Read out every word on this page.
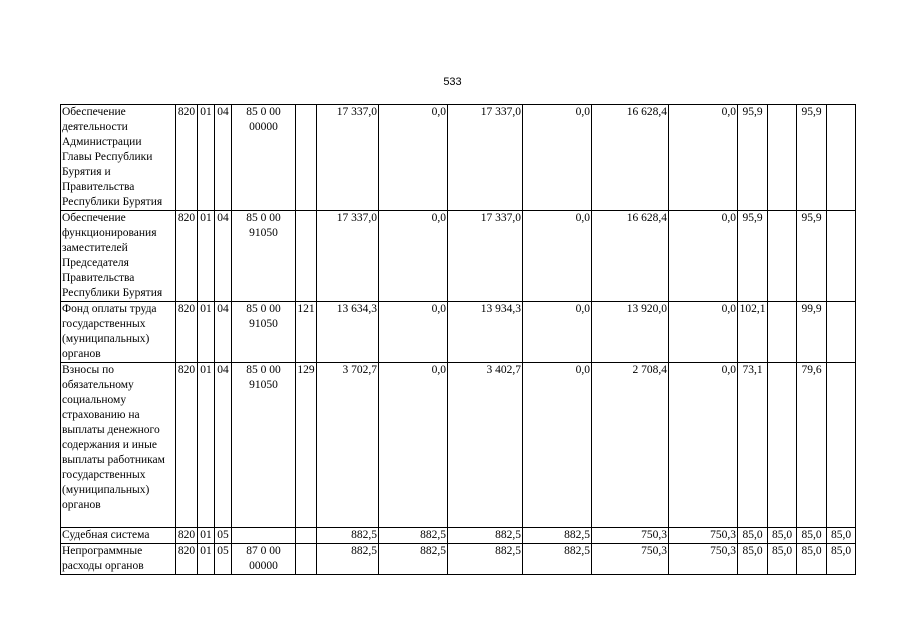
533
Обеспечение деятельности Администрации Главы Республики Бурятия и Правительства Республики Бурятия	820	01	04	85 0 00 00000		17 337,0	0,0	17 337,0	0,0	16 628,4	0,0	95,9		95,9	
Обеспечение функционирования заместителей Председателя Правительства Республики Бурятия	820	01	04	85 0 00 91050		17 337,0	0,0	17 337,0	0,0	16 628,4	0,0	95,9		95,9	
Фонд оплаты труда государственных (муниципальных) органов	820	01	04	85 0 00 91050	121	13 634,3	0,0	13 934,3	0,0	13 920,0	0,0	102,1		99,9	
Взносы по обязательному социальному страхованию на выплаты денежного содержания и иные выплаты работникам государственных (муниципальных) органов	820	01	04	85 0 00 91050	129	3 702,7	0,0	3 402,7	0,0	2 708,4	0,0	73,1		79,6	
Судебная система	820	01	05			882,5	882,5	882,5	882,5	750,3	750,3	85,0	85,0	85,0	85,0
Непрограммные расходы органов	820	01	05	87 0 00 00000		882,5	882,5	882,5	882,5	750,3	750,3	85,0	85,0	85,0	85,0
